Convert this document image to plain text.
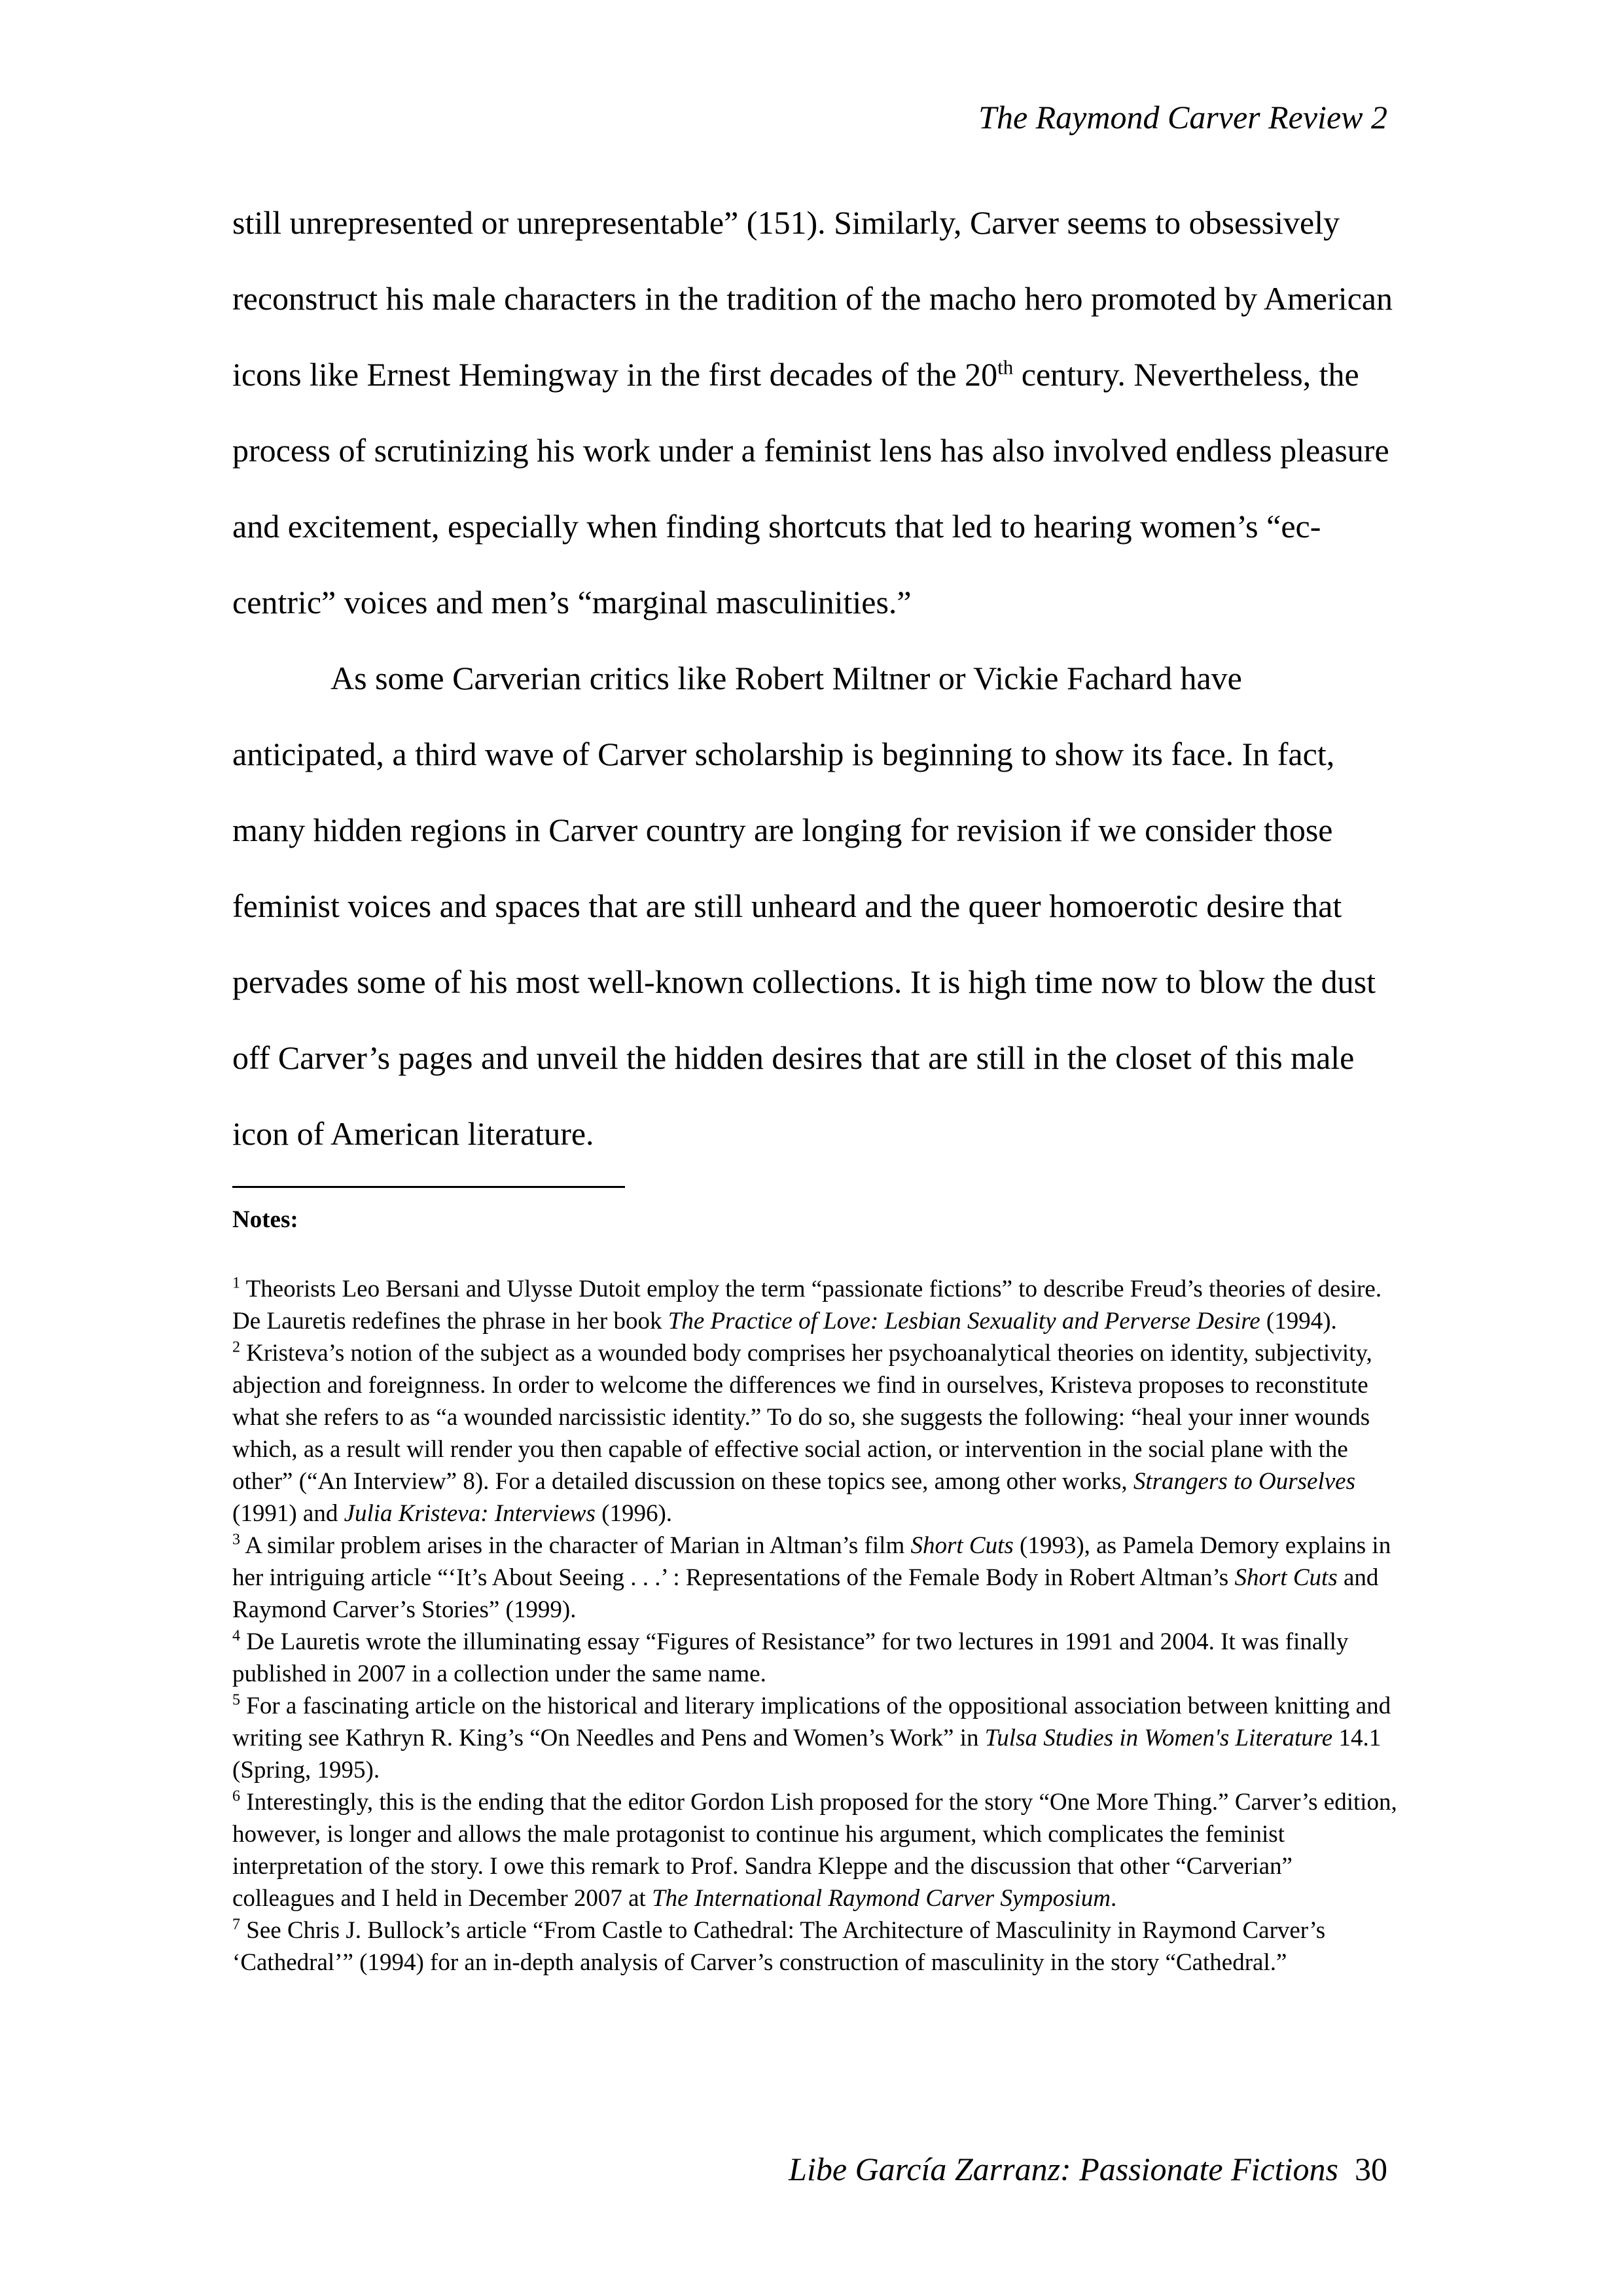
The Raymond Carver Review 2

still unrepresented or unrepresentable” (151). Similarly, Carver seems to obsessively reconstruct his male characters in the tradition of the macho hero promoted by American icons like Ernest Hemingway in the first decades of the 20th century. Nevertheless, the process of scrutinizing his work under a feminist lens has also involved endless pleasure and excitement, especially when finding shortcuts that led to hearing women’s “ec-centric” voices and men’s “marginal masculinities.”

As some Carverian critics like Robert Miltner or Vickie Fachard have anticipated, a third wave of Carver scholarship is beginning to show its face. In fact, many hidden regions in Carver country are longing for revision if we consider those feminist voices and spaces that are still unheard and the queer homoerotic desire that pervades some of his most well-known collections. It is high time now to blow the dust off Carver’s pages and unveil the hidden desires that are still in the closet of this male icon of American literature.

Notes:

$^1$ Theorists Leo Bersani and Ulysse Dutoit employ the term “passionate fictions” to describe Freud’s theories of desire. De Lauretis redefines the phrase in her book The Practice of Love: Lesbian Sexuality and Perverse Desire (1994).

$^2$ Kristeva’s notion of the subject as a wounded body comprises her psychoanalytical theories on identity, subjectivity, abjection and foreignness. In order to welcome the differences we find in ourselves, Kristeva proposes to reconstitute what she refers to as “a wounded narcissistic identity.” To do so, she suggests the following: “heal your inner wounds which, as a result will render you then capable of effective social action, or intervention in the social plane with the other” (“An Interview” 8). For a detailed discussion on these topics see, among other works, Strangers to Ourselves (1991) and Julia Kristeva: Interviews (1996).

$^3$ A similar problem arises in the character of Marian in Altman’s film Short Cuts (1993), as Pamela Demory explains in her intriguing article “‘It’s About Seeing . . .’ : Representations of the Female Body in Robert Altman’s Short Cuts and Raymond Carver’s Stories” (1999).

$^4$ De Lauretis wrote the illuminating essay “Figures of Resistance” for two lectures in 1991 and 2004. It was finally published in 2007 in a collection under the same name.

$^5$ For a fascinating article on the historical and literary implications of the oppositional association between knitting and writing see Kathryn R. King’s “On Needles and Pens and Women’s Work” in Tulsa Studies in Women's Literature 14.1 (Spring, 1995).

$^6$ Interestingly, this is the ending that the editor Gordon Lish proposed for the story “One More Thing.” Carver’s edition, however, is longer and allows the male protagonist to continue his argument, which complicates the feminist interpretation of the story. I owe this remark to Prof. Sandra Kleppe and the discussion that other “Carverian” colleagues and I held in December 2007 at The International Raymond Carver Symposium.

$^7$ See Chris J. Bullock’s article “From Castle to Cathedral: The Architecture of Masculinity in Raymond Carver’s ‘Cathedral’” (1994) for an in-depth analysis of Carver’s construction of masculinity in the story “Cathedral.”

Libe García Zarranz: Passionate Fictions 30
